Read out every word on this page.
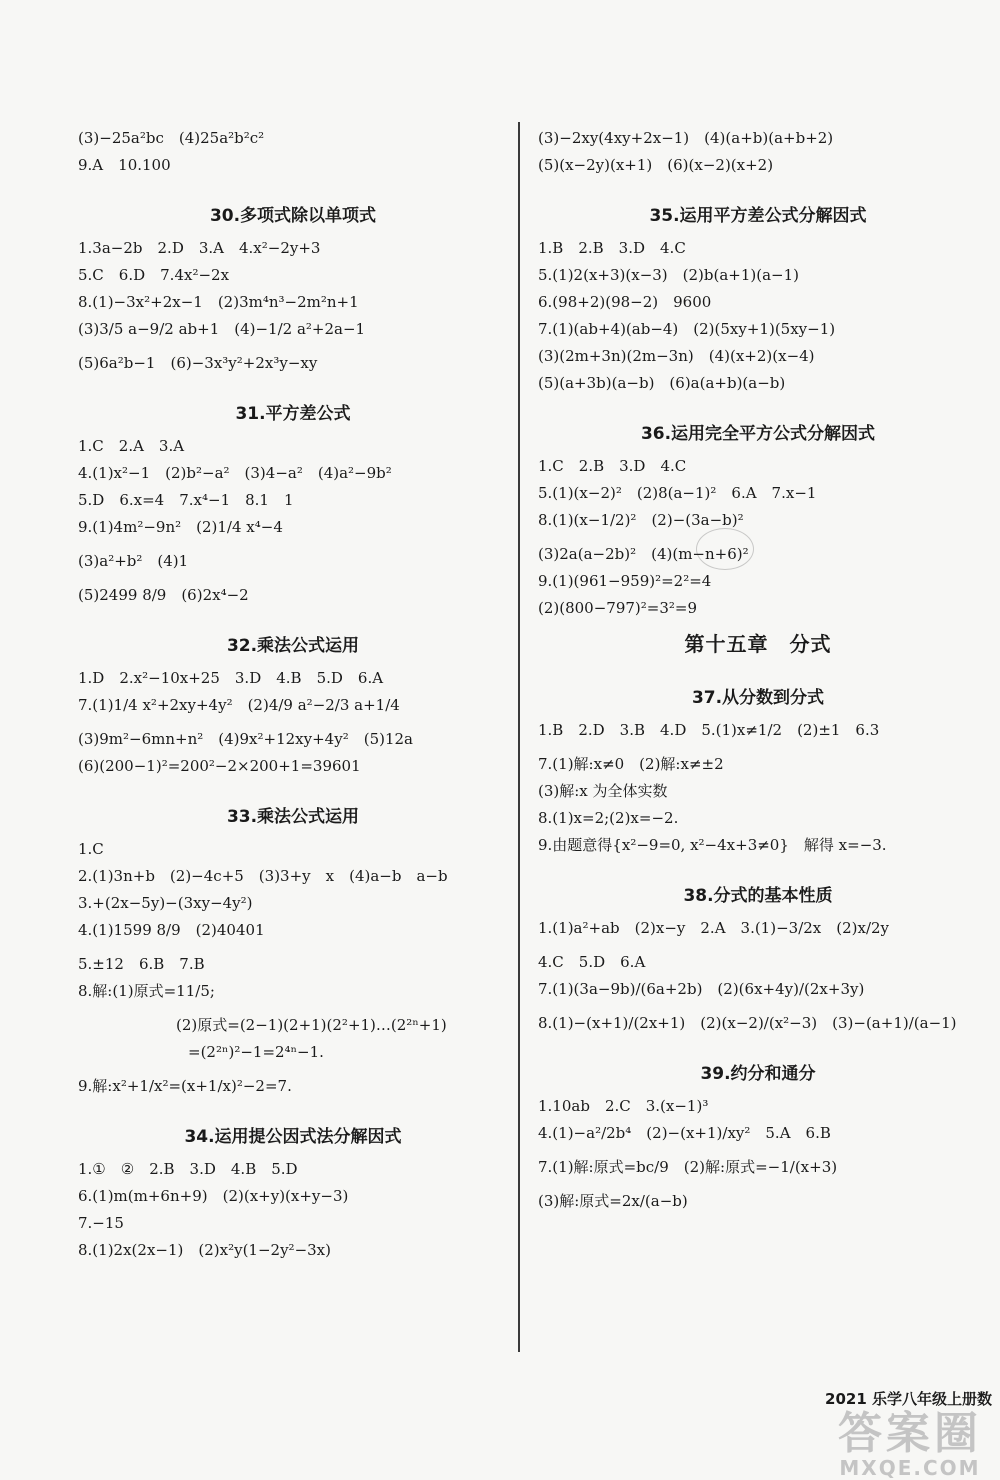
(3)−25a²bc　(4)25a²b²c²
9.A　10.100
30.多项式除以单项式
1.3a−2b　2.D　3.A　4.x²−2y+3
5.C　6.D　7.4x²−2x
8.(1)−3x²+2x−1　(2)3m⁴n³−2m²n+1
(3)3/5 a−9/2 ab+1　(4)−1/2 a²+2a−1
(5)6a²b−1　(6)−3x³y²+2x³y−xy
31.平方差公式
1.C　2.A　3.A
4.(1)x²−1　(2)b²−a²　(3)4−a²　(4)a²−9b²
5.D　6.x=4　7.x⁴−1　8.1　1
9.(1)4m²−9n²　(2)1/4 x⁴−4
(3)a²+b²　(4)1
(5)2499 8/9　(6)2x⁴−2
32.乘法公式运用
1.D　2.x²−10x+25　3.D　4.B　5.D　6.A
7.(1)1/4 x²+2xy+4y²　(2)4/9 a²−2/3 a+1/4
(3)9m²−6mn+n²　(4)9x²+12xy+4y²　(5)12a
(6)(200−1)²=200²−2×200+1=39601
33.乘法公式运用
1.C
2.(1)3n+b　(2)−4c+5　(3)3+y　x　(4)a−b　a−b
3.+(2x−5y)−(3xy−4y²)
4.(1)1599 8/9　(2)40401
5.±12　6.B　7.B
8.解:(1)原式=11/5;
(2)原式=(2−1)(2+1)(2²+1)…(2²ⁿ+1)
=(2²ⁿ)²−1=2⁴ⁿ−1.
9.解:x²+1/x²=(x+1/x)²−2=7.
34.运用提公因式法分解因式
1.①　②　2.B　3.D　4.B　5.D
6.(1)m(m+6n+9)　(2)(x+y)(x+y−3)
7.−15
8.(1)2x(2x−1)　(2)x²y(1−2y²−3x)
(3)−2xy(4xy+2x−1)　(4)(a+b)(a+b+2)
(5)(x−2y)(x+1)　(6)(x−2)(x+2)
35.运用平方差公式分解因式
1.B　2.B　3.D　4.C
5.(1)2(x+3)(x−3)　(2)b(a+1)(a−1)
6.(98+2)(98−2)　9600
7.(1)(ab+4)(ab−4)　(2)(5xy+1)(5xy−1)
(3)(2m+3n)(2m−3n)　(4)(x+2)(x−4)
(5)(a+3b)(a−b)　(6)a(a+b)(a−b)
36.运用完全平方公式分解因式
1.C　2.B　3.D　4.C
5.(1)(x−2)²　(2)8(a−1)²　6.A　7.x−1
8.(1)(x−1/2)²　(2)−(3a−b)²
(3)2a(a−2b)²　(4)(m−n+6)²
9.(1)(961−959)²=2²=4
(2)(800−797)²=3²=9
第十五章　分式
37.从分数到分式
1.B　2.D　3.B　4.D　5.(1)x≠1/2　(2)±1　6.3
7.(1)解:x≠0　(2)解:x≠±2
(3)解:x 为全体实数
8.(1)x=2;(2)x=−2.
9.由题意得{x²−9=0, x²−4x+3≠0}　解得 x=−3.
38.分式的基本性质
1.(1)a²+ab　(2)x−y　2.A　3.(1)−3/2x　(2)x/2y
4.C　5.D　6.A
7.(1)(3a−9b)/(6a+2b)　(2)(6x+4y)/(2x+3y)
8.(1)−(x+1)/(2x+1)　(2)(x−2)/(x²−3)　(3)−(a+1)/(a−1)
39.约分和通分
1.10ab　2.C　3.(x−1)³
4.(1)−a²/2b⁴　(2)−(x+1)/xy²　5.A　6.B
7.(1)解:原式=bc/9　(2)解:原式=−1/(x+3)
(3)解:原式=2x/(a−b)
2021 乐学八年级上册数
答案圈
MXQE.COM
